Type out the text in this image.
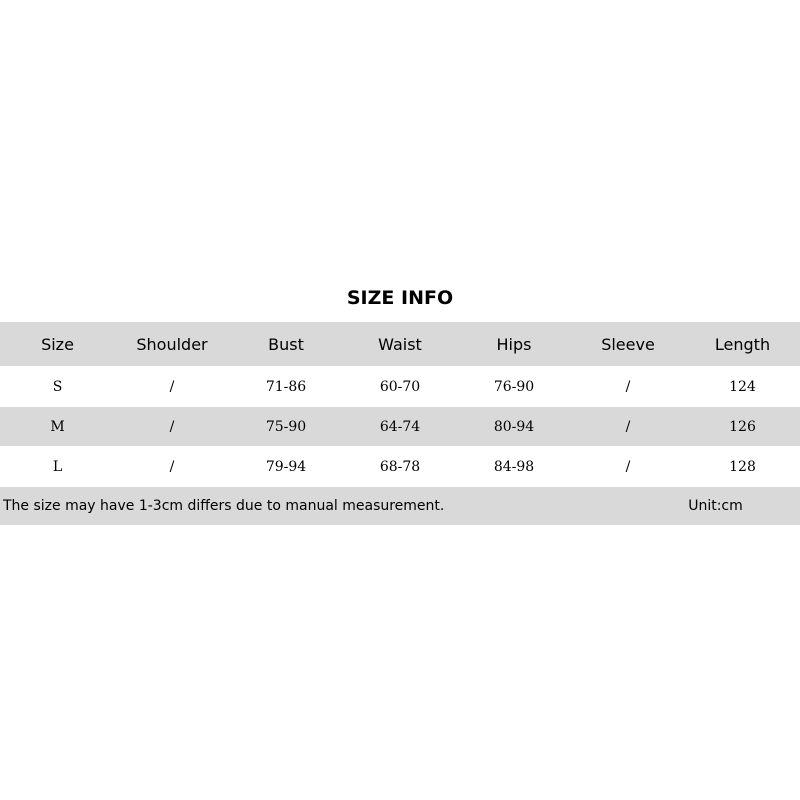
SIZE INFO
Size	Shoulder	Bust	Waist	Hips	Sleeve	Length
S	/	71-86	60-70	76-90	/	124
M	/	75-90	64-74	80-94	/	126
L	/	79-94	68-78	84-98	/	128
The size may have 1-3cm differs due to manual measurement.					Unit:cm	
